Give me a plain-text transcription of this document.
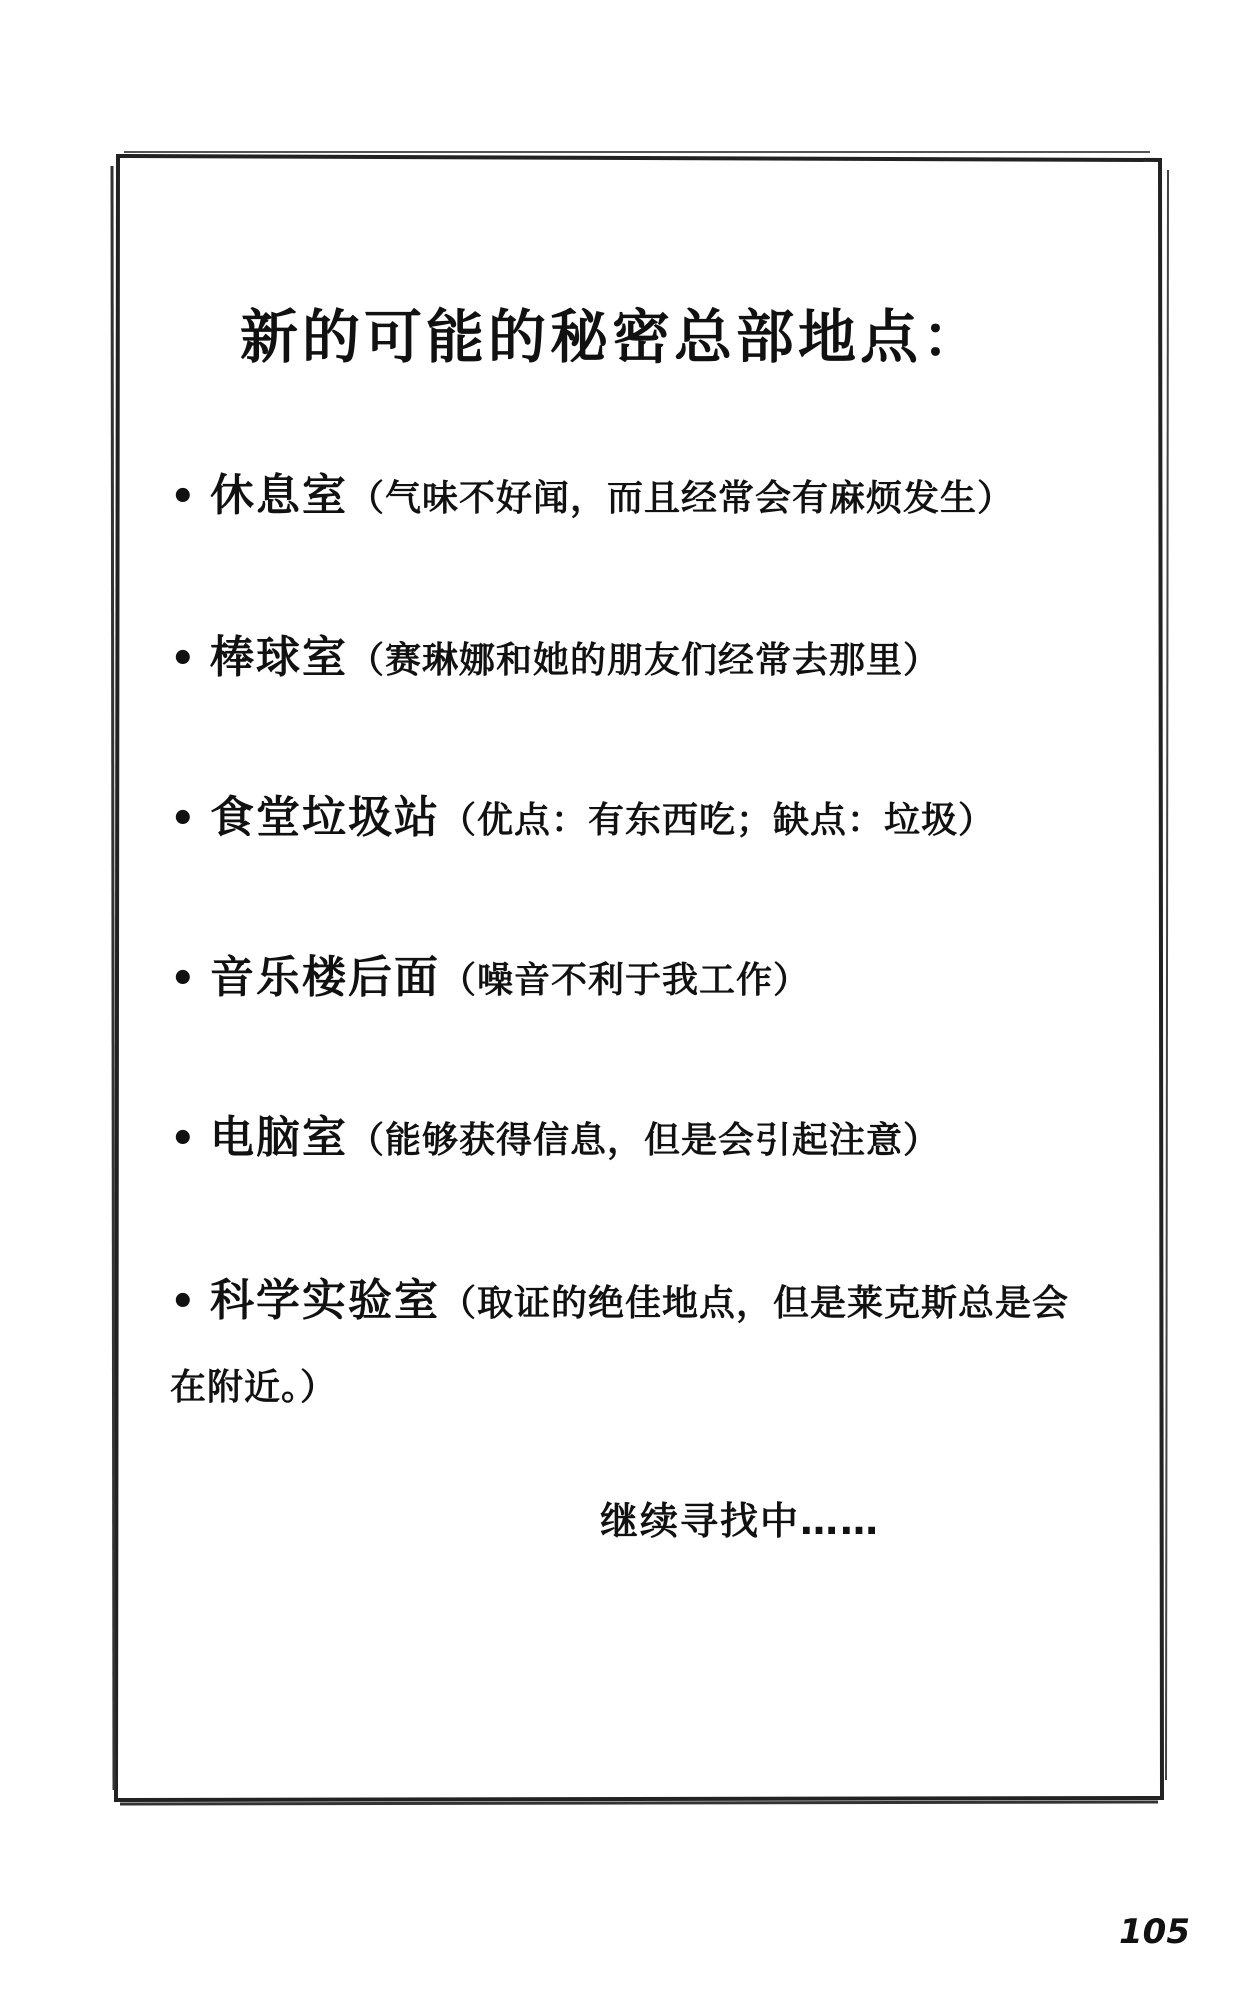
新的可能的秘密总部地点：
• 休息室（气味不好闻，而且经常会有麻烦发生）
• 棒球室（赛琳娜和她的朋友们经常去那里）
• 食堂垃圾站（优点：有东西吃；缺点：垃圾）
• 音乐楼后面（噪音不利于我工作）
• 电脑室（能够获得信息，但是会引起注意）
• 科学实验室（取证的绝佳地点，但是莱克斯总是会在附近。）
继续寻找中……
105
